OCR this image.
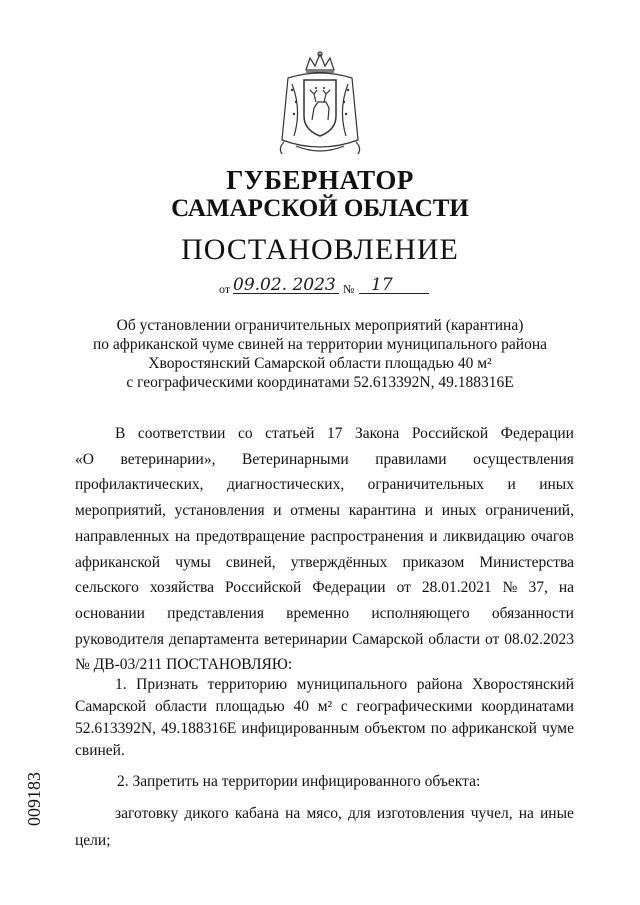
ГУБЕРНАТОР
САМАРСКОЙ ОБЛАСТИ
ПОСТАНОВЛЕНИЕ
от 09.02. 2023 № 17
Об установлении ограничительных мероприятий (карантина)
по африканской чуме свиней на территории муниципального района
Хворостянский Самарской области площадью 40 м²
с географическими координатами 52.613392N, 49.188316E
В соответствии со статьей 17 Закона Российской Федерации
«О ветеринарии», Ветеринарными правилами осуществления
профилактических, диагностических, ограничительных и иных
мероприятий, установления и отмены карантина и иных ограничений,
направленных на предотвращение распространения и ликвидацию очагов
африканской чумы свиней, утверждённых приказом Министерства
сельского хозяйства Российской Федерации от 28.01.2021 № 37, на
основании представления временно исполняющего обязанности
руководителя департамента ветеринарии Самарской области от 08.02.2023
№ ДВ-03/211 ПОСТАНОВЛЯЮ:
1. Признать территорию муниципального района Хворостянский
Самарской области площадью 40 м² с географическими координатами
52.613392N, 49.188316E инфицированным объектом по африканской чуме
свиней.
2. Запретить на территории инфицированного объекта:
заготовку дикого кабана на мясо, для изготовления чучел, на иные
цели;
009183
